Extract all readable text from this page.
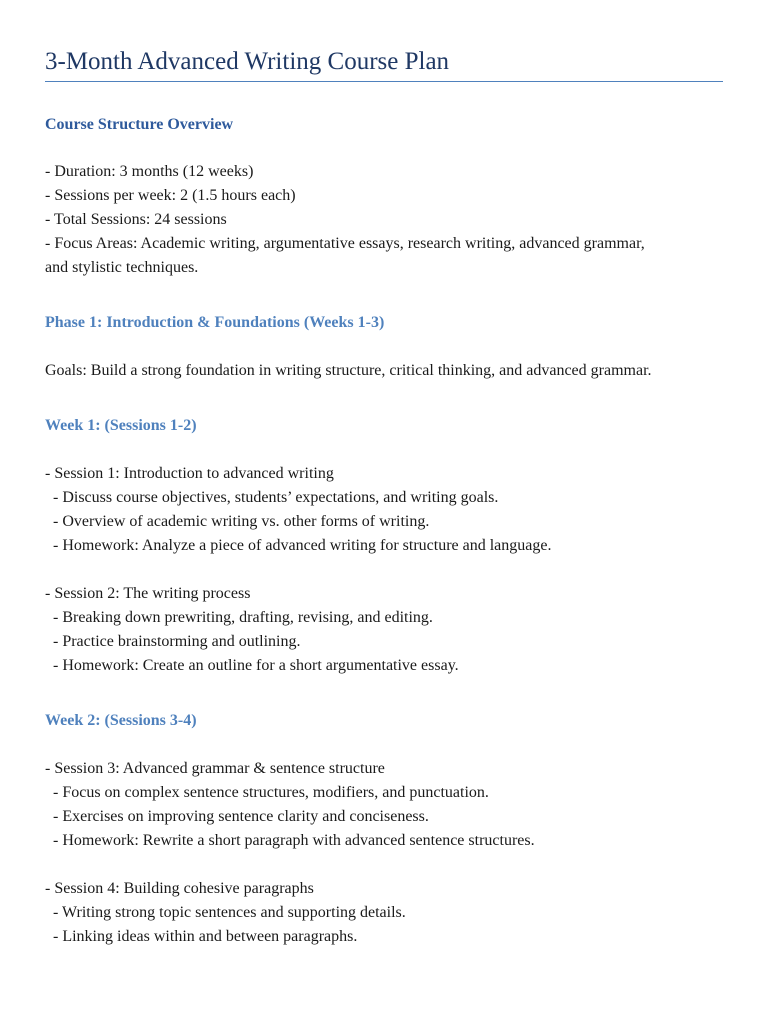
3-Month Advanced Writing Course Plan
Course Structure Overview

- Duration: 3 months (12 weeks)

- Sessions per week: 2 (1.5 hours each)

- Total Sessions: 24 sessions

- Focus Areas: Academic writing, argumentative essays, research writing, advanced grammar,

and stylistic techniques.

Phase 1: Introduction & Foundations (Weeks 1-3)

Goals: Build a strong foundation in writing structure, critical thinking, and advanced grammar.

Week 1: (Sessions 1-2)

- Session 1: Introduction to advanced writing

- Discuss course objectives, students’ expectations, and writing goals.

- Overview of academic writing vs. other forms of writing.

- Homework: Analyze a piece of advanced writing for structure and language.

- Session 2: The writing process

- Breaking down prewriting, drafting, revising, and editing.

- Practice brainstorming and outlining.

- Homework: Create an outline for a short argumentative essay.

Week 2: (Sessions 3-4)

- Session 3: Advanced grammar & sentence structure

- Focus on complex sentence structures, modifiers, and punctuation.

- Exercises on improving sentence clarity and conciseness.

- Homework: Rewrite a short paragraph with advanced sentence structures.

- Session 4: Building cohesive paragraphs

- Writing strong topic sentences and supporting details.

- Linking ideas within and between paragraphs.
